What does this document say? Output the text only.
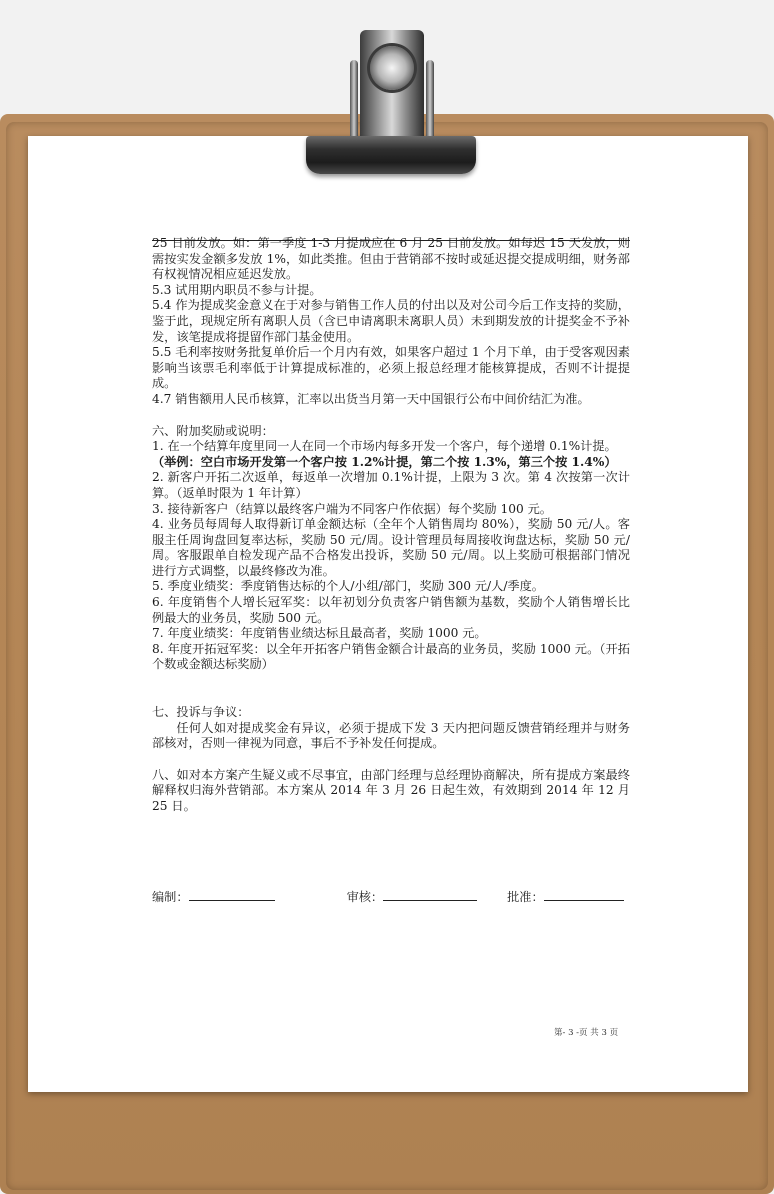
25 日前发放。如：第一季度 1-3 月提成应在 6 月 25 日前发放。如每迟 15 天发放，则需按实发金额多发放 1%，如此类推。但由于营销部不按时或延迟提交提成明细，财务部有权视情况相应延迟发放。

5.3 试用期内职员不参与计提。

5.4 作为提成奖金意义在于对参与销售工作人员的付出以及对公司今后工作支持的奖励，鉴于此，现规定所有离职人员（含已申请离职未离职人员）未到期发放的计提奖金不予补发，该笔提成将提留作部门基金使用。

5.5 毛利率按财务批复单价后一个月内有效，如果客户超过 1 个月下单，由于受客观因素影响当该票毛利率低于计算提成标准的，必须上报总经理才能核算提成，否则不计提提成。

4.7 销售额用人民币核算，汇率以出货当月第一天中国银行公布中间价结汇为准。

六、附加奖励或说明：

1. 在一个结算年度里同一人在同一个市场内每多开发一个客户，每个递增 0.1%计提。

（举例：空白市场开发第一个客户按 1.2%计提，第二个按 1.3%，第三个按 1.4%）

2. 新客户开拓二次返单，每返单一次增加 0.1%计提，上限为 3 次。第 4 次按第一次计算。（返单时限为 1 年计算）

3. 接待新客户（结算以最终客户端为不同客户作依据）每个奖励 100 元。

4. 业务员每周每人取得新订单金额达标（全年个人销售周均 80%），奖励 50 元/人。客服主任周询盘回复率达标，奖励 50 元/周。设计管理员每周接收询盘达标，奖励 50 元/周。客服跟单自检发现产品不合格发出投诉，奖励 50 元/周。以上奖励可根据部门情况进行方式调整，以最终修改为准。

5. 季度业绩奖：季度销售达标的个人/小组/部门，奖励 300 元/人/季度。

6. 年度销售个人增长冠军奖：以年初划分负责客户销售额为基数，奖励个人销售增长比例最大的业务员，奖励 500 元。

7. 年度业绩奖：年度销售业绩达标且最高者，奖励 1000 元。

8. 年度开拓冠军奖：以全年开拓客户销售金额合计最高的业务员，奖励 1000 元。（开拓个数或金额达标奖励）

七、投诉与争议：

任何人如对提成奖金有异议，必须于提成下发 3 天内把问题反馈营销经理并与财务部核对，否则一律视为同意，事后不予补发任何提成。

八、如对本方案产生疑义或不尽事宜，由部门经理与总经理协商解决，所有提成方案最终解释权归海外营销部。本方案从 2014 年 3 月 26 日起生效，有效期到 2014 年 12 月 25 日。

编制：	审核：	批准：
第- 3 -页 共 3 页
